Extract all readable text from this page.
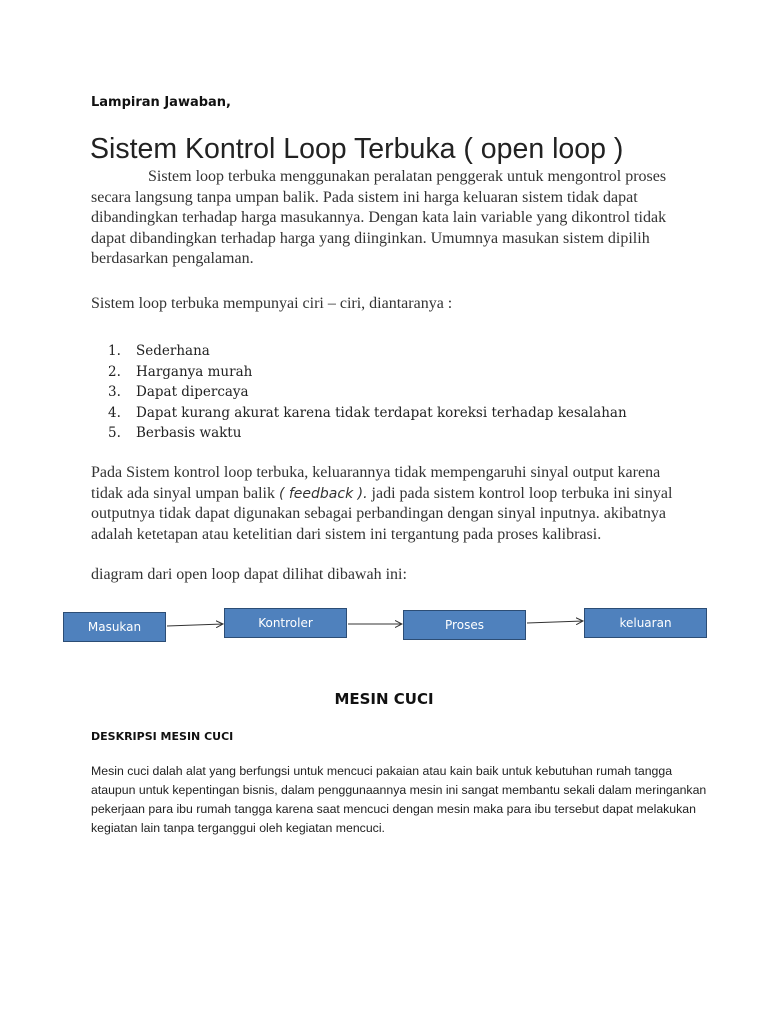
Lampiran Jawaban,
Sistem Kontrol Loop Terbuka ( open loop )

Sistem loop terbuka menggunakan peralatan penggerak untuk mengontrol proses secara langsung tanpa umpan balik. Pada sistem ini harga keluaran sistem tidak dapat dibandingkan terhadap harga masukannya. Dengan kata lain variable yang dikontrol tidak dapat dibandingkan terhadap harga yang diinginkan. Umumnya masukan sistem dipilih berdasarkan pengalaman.

Sistem loop terbuka mempunyai ciri – ciri, diantaranya :

1. Sederhana
2. Harganya murah
3. Dapat dipercaya
4. Dapat kurang akurat karena tidak terdapat koreksi terhadap kesalahan
5. Berbasis waktu

Pada Sistem kontrol loop terbuka, keluarannya tidak mempengaruhi sinyal output karena tidak ada sinyal umpan balik ( feedback ). jadi pada sistem kontrol loop terbuka ini sinyal outputnya tidak dapat digunakan sebagai perbandingan dengan sinyal inputnya. akibatnya adalah ketetapan atau ketelitian dari sistem ini tergantung pada proses kalibrasi.

diagram dari open loop dapat dilihat dibawah ini:

Masukan	Kontroler	Proses	keluaran
MESIN CUCI
DESKRIPSI MESIN CUCI

Mesin cuci dalah alat yang berfungsi untuk mencuci pakaian atau kain baik untuk kebutuhan rumah tangga ataupun untuk kepentingan bisnis, dalam penggunaannya mesin ini sangat membantu sekali dalam meringankan pekerjaan para ibu rumah tangga karena saat mencuci dengan mesin maka para ibu tersebut dapat melakukan kegiatan lain tanpa terganggui oleh kegiatan mencuci.
